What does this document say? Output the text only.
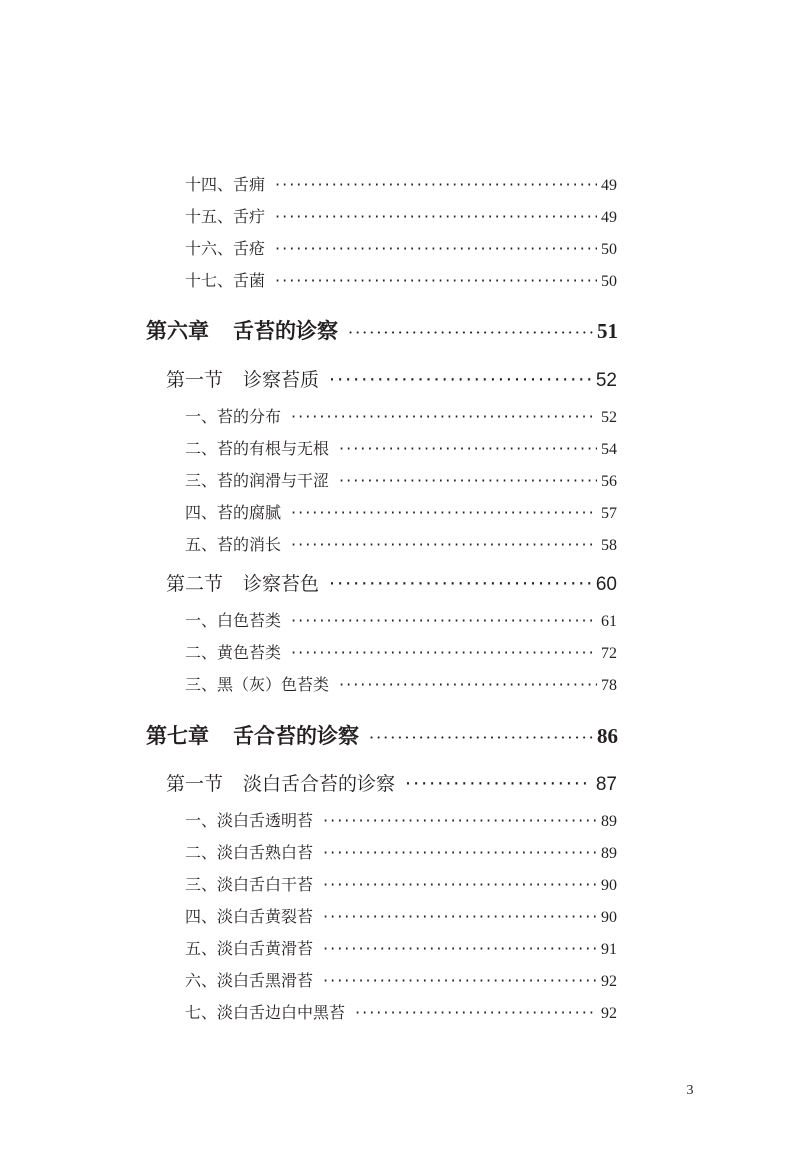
十四、舌痈 ·····	49
十五、舌疔 ·····	49
十六、舌疮 ·····	50
十七、舌菌 ·····	50
第六章 舌苔的诊察 ·····	51
第一节 诊察苔质 ·····	52
一、苔的分布 ·····	52
二、苔的有根与无根 ·····	54
三、苔的润滑与干涩 ·····	56
四、苔的腐腻 ·····	57
五、苔的消长 ·····	58
第二节 诊察苔色 ·····	60
一、白色苔类 ·····	61
二、黄色苔类 ·····	72
三、黑（灰）色苔类 ·····	78
第七章 舌合苔的诊察 ·····	86
第一节 淡白舌合苔的诊察 ·····	87
一、淡白舌透明苔 ·····	89
二、淡白舌熟白苔 ·····	89
三、淡白舌白干苔 ·····	90
四、淡白舌黄裂苔 ·····	90
五、淡白舌黄滑苔 ·····	91
六、淡白舌黑滑苔 ·····	92
七、淡白舌边白中黑苔 ·····	92
3
